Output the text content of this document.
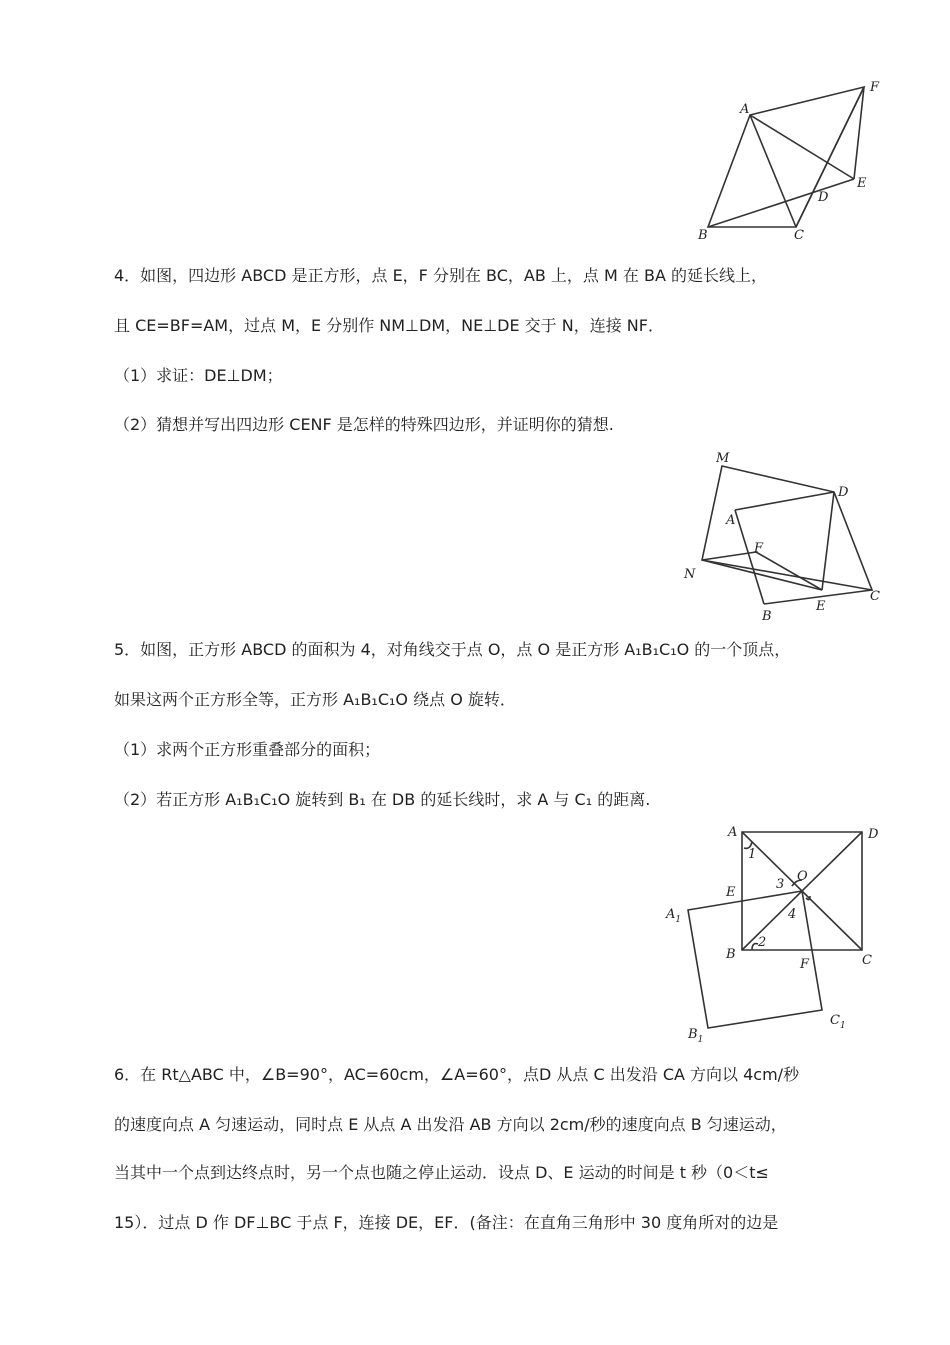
A
F
E
D
B	C
4．如图，四边形 ABCD 是正方形，点 E，F 分别在 BC，AB 上，点 M 在 BA 的延长线上，
且 CE=BF=AM，过点 M，E 分别作 NM⊥DM，NE⊥DE 交于 N，连接 NF．
（1）求证：DE⊥DM；
（2）猜想并写出四边形 CENF 是怎样的特殊四边形，并证明你的猜想.
M
D
A
F
N
B
E
C
5．如图，正方形 ABCD 的面积为 4，对角线交于点 O，点 O 是正方形 A₁B₁C₁O 的一个顶点，
如果这两个正方形全等，正方形 A₁B₁C₁O 绕点 O 旋转．
（1）求两个正方形重叠部分的面积；
（2）若正方形 A₁B₁C₁O 旋转到 B₁ 在 DB 的延长线时，求 A 与 C₁ 的距离.
A	D
1
O
3
E
4
$A_1$
2
B	C
F
$C_1$
$B_1$
6．在 Rt△ABC 中，∠B=90°，AC=60cm，∠A=60°，点D 从点 C 出发沿 CA 方向以 4cm/秒
的速度向点 A 匀速运动，同时点 E 从点 A 出发沿 AB 方向以 2cm/秒的速度向点 B 匀速运动，
当其中一个点到达终点时，另一个点也随之停止运动．设点 D、E 运动的时间是 t 秒（0＜t≤
15）．过点 D 作 DF⊥BC 于点 F，连接 DE，EF．(备注：在直角三角形中 30 度角所对的边是
